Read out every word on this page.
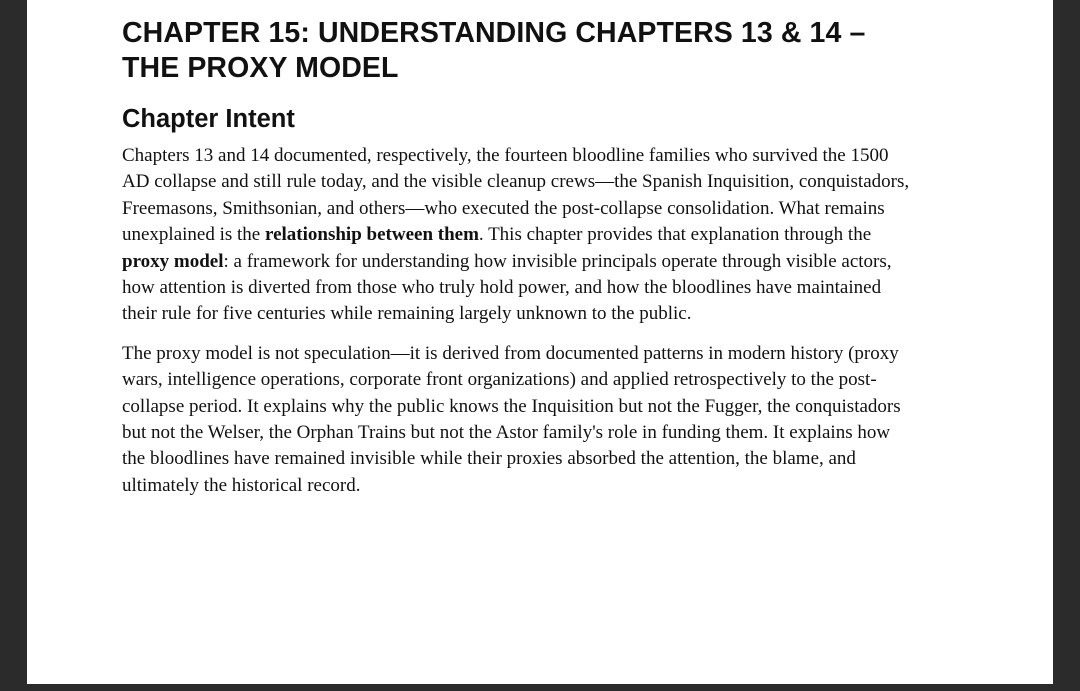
CHAPTER 15: UNDERSTANDING CHAPTERS 13 & 14 –
THE PROXY MODEL
Chapter Intent

Chapters 13 and 14 documented, respectively, the fourteen bloodline families who survived the 1500
AD collapse and still rule today, and the visible cleanup crews—the Spanish Inquisition, conquistadors,
Freemasons, Smithsonian, and others—who executed the post-collapse consolidation. What remains
unexplained is the relationship between them. This chapter provides that explanation through the
proxy model: a framework for understanding how invisible principals operate through visible actors,
how attention is diverted from those who truly hold power, and how the bloodlines have maintained
their rule for five centuries while remaining largely unknown to the public.

The proxy model is not speculation—it is derived from documented patterns in modern history (proxy
wars, intelligence operations, corporate front organizations) and applied retrospectively to the post-
collapse period. It explains why the public knows the Inquisition but not the Fugger, the conquistadors
but not the Welser, the Orphan Trains but not the Astor family's role in funding them. It explains how
the bloodlines have remained invisible while their proxies absorbed the attention, the blame, and
ultimately the historical record.
